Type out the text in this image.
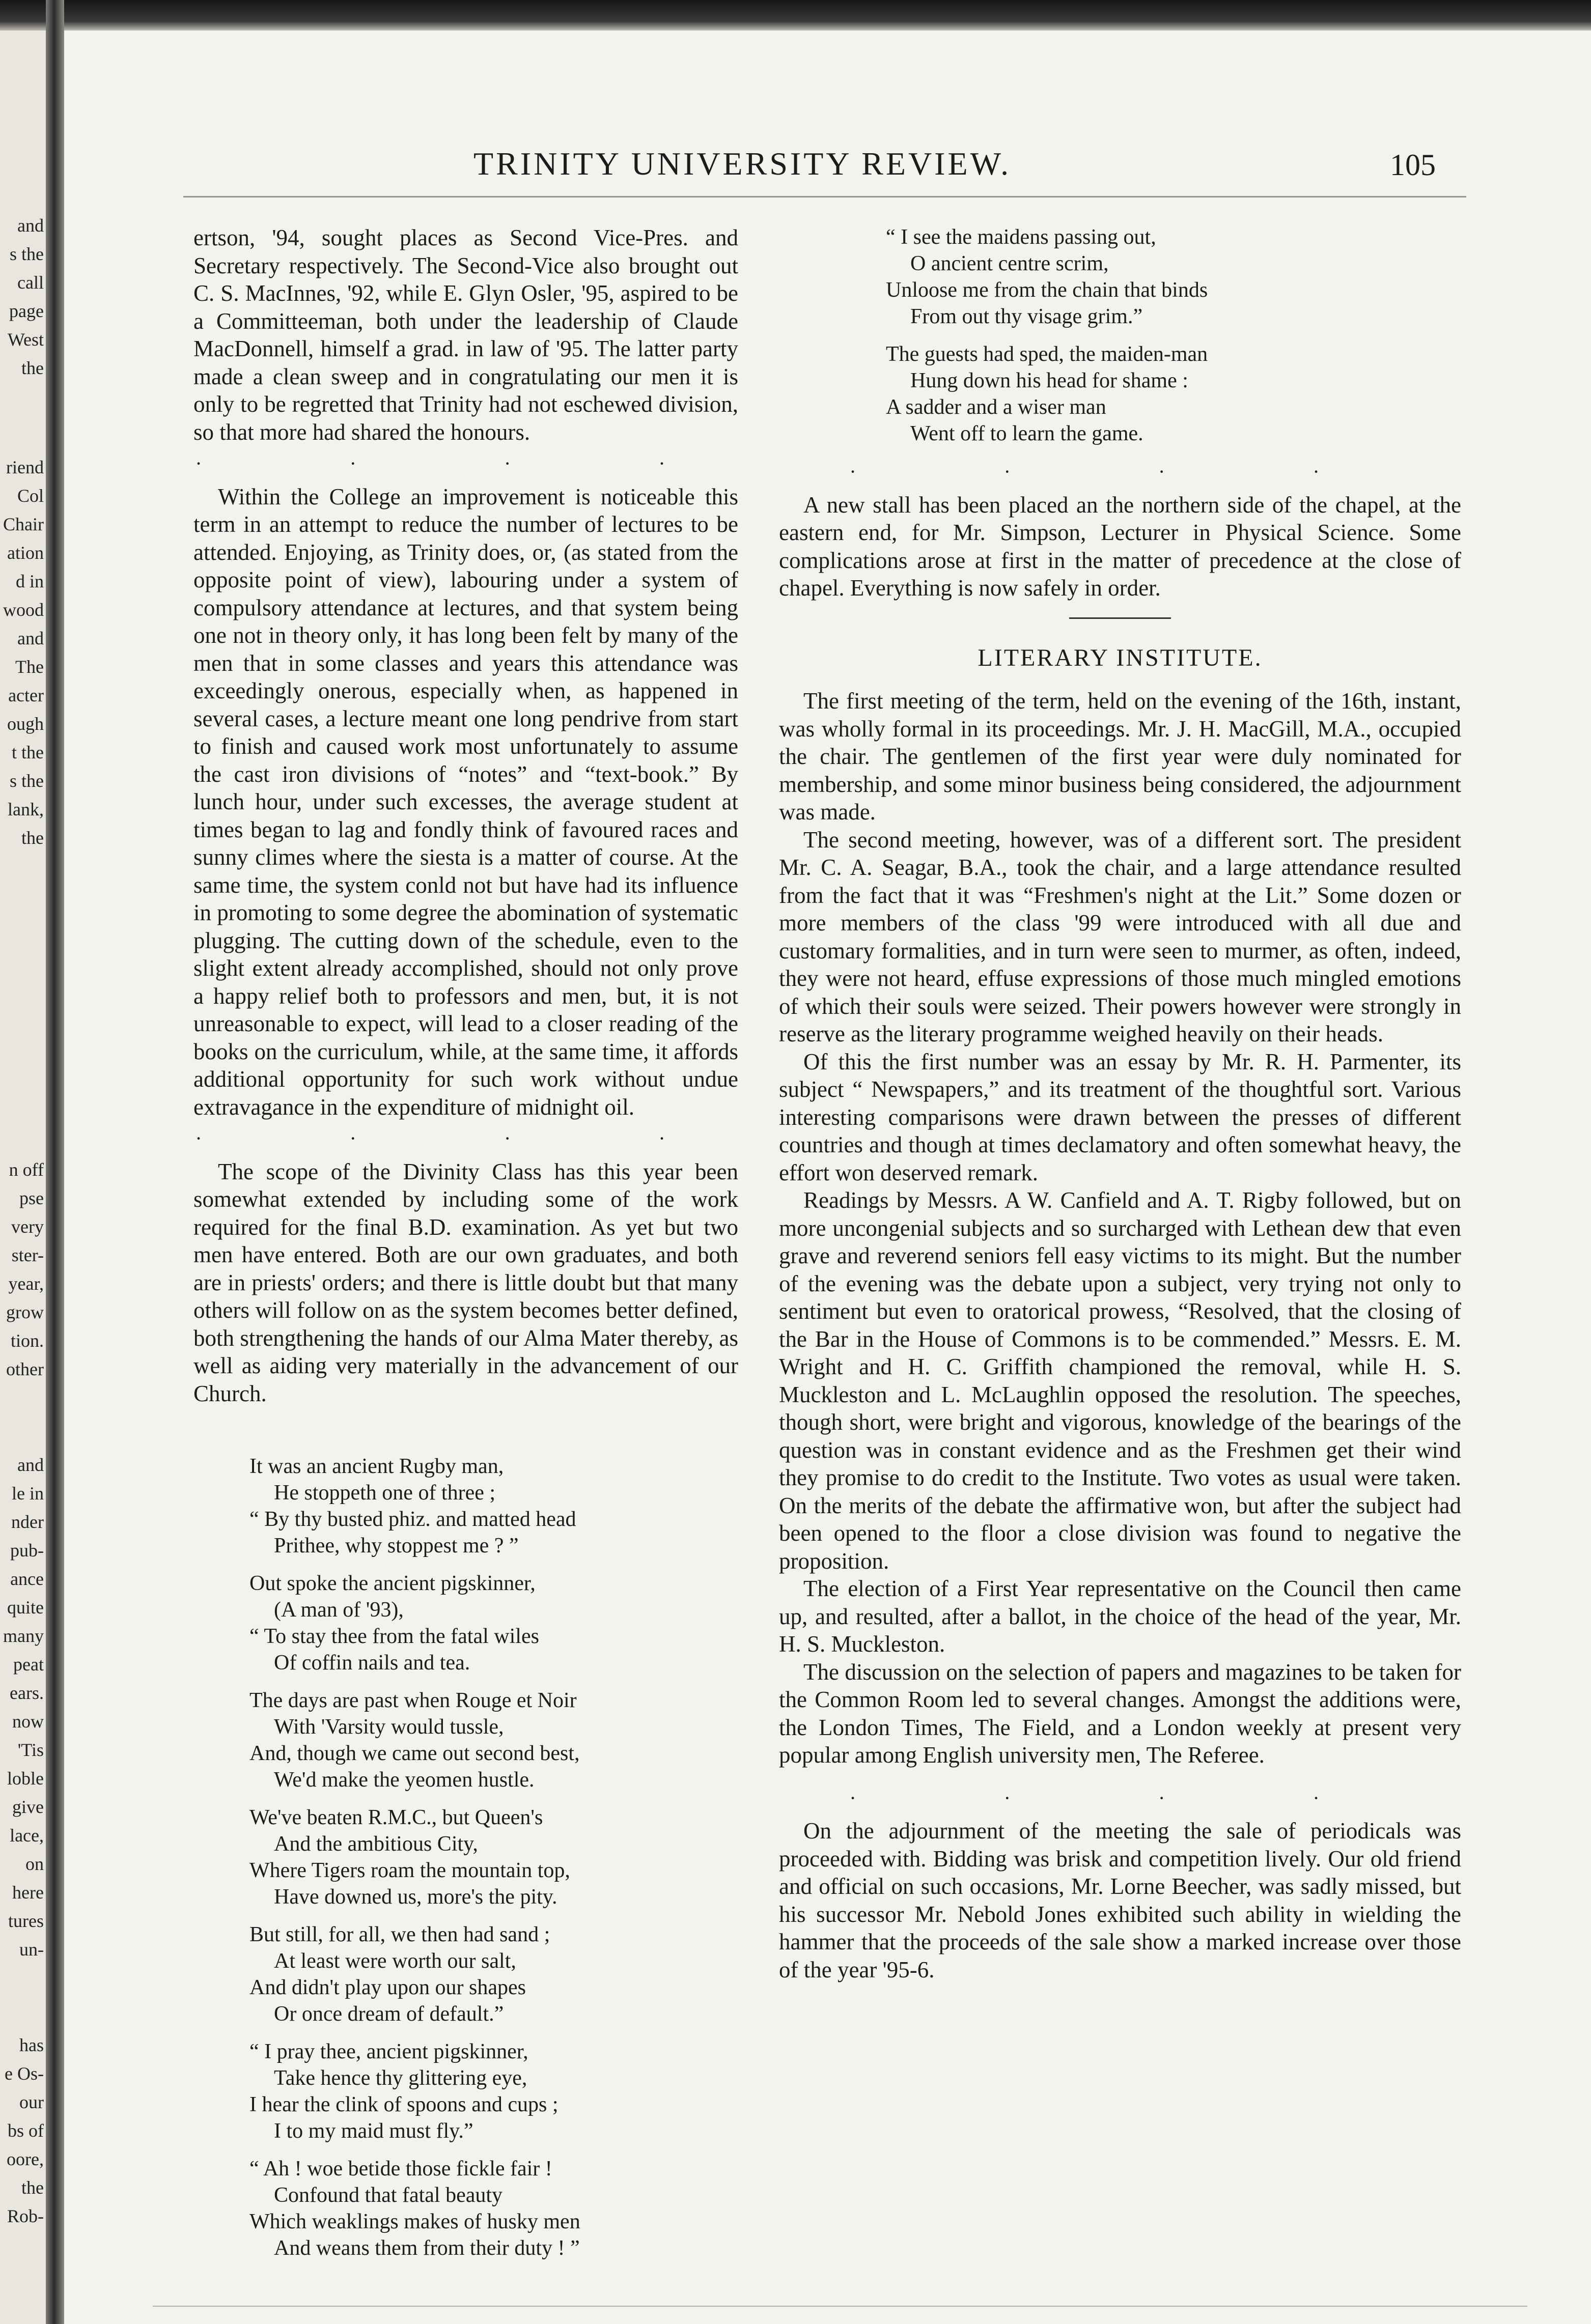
and
s the
call
page
West
the
riend
Col
Chair
ation
d in
wood
and
The
acter
ough
t the
s the
lank,
the
n off
pse
very
ster-
year,
grow
tion.
other
and
le in
nder
pub-
ance
quite
many
peat
ears.
now
'Tis
loble
give
lace,
on
here
tures
un-
has
e Os-
our
bs of
oore,
the
Rob-
TRINITY UNIVERSITY REVIEW.	105

ertson, '94, sought places as Second Vice-Pres. and Secretary respectively. The Second-Vice also brought out C. S. MacInnes, '92, while E. Glyn Osler, '95, aspired to be a Committeeman, both under the leadership of Claude MacDonnell, himself a grad. in law of '95. The latter party made a clean sweep and in congratulating our men it is only to be regretted that Trinity had not eschewed division, so that more had shared the honours.

· · · ·

Within the College an improvement is noticeable this term in an attempt to reduce the number of lectures to be attended. Enjoying, as Trinity does, or, (as stated from the opposite point of view), labouring under a system of compulsory attendance at lectures, and that system being one not in theory only, it has long been felt by many of the men that in some classes and years this attendance was exceedingly onerous, especially when, as happened in several cases, a lecture meant one long pendrive from start to finish and caused work most unfortunately to assume the cast iron divisions of “notes” and “text-book.” By lunch hour, under such excesses, the average student at times began to lag and fondly think of favoured races and sunny climes where the siesta is a matter of course. At the same time, the system conld not but have had its influence in promoting to some degree the abomination of systematic plugging. The cutting down of the schedule, even to the slight extent already accomplished, should not only prove a happy relief both to professors and men, but, it is not unreasonable to expect, will lead to a closer reading of the books on the curriculum, while, at the same time, it affords additional opportunity for such work without undue extravagance in the expenditure of midnight oil.

· · · ·

The scope of the Divinity Class has this year been somewhat extended by including some of the work required for the final B.D. examination. As yet but two men have entered. Both are our own graduates, and both are in priests' orders; and there is little doubt but that many others will follow on as the system becomes better defined, both strengthening the hands of our Alma Mater thereby, as well as aiding very materially in the advancement of our Church.

It was an ancient Rugby man,
He stoppeth one of three ;
“ By thy busted phiz. and matted head
Prithee, why stoppest me ? ”
Out spoke the ancient pigskinner,
(A man of '93),
“ To stay thee from the fatal wiles
Of coffin nails and tea.
The days are past when Rouge et Noir
With 'Varsity would tussle,
And, though we came out second best,
We'd make the yeomen hustle.
We've beaten R.M.C., but Queen's
And the ambitious City,
Where Tigers roam the mountain top,
Have downed us, more's the pity.
But still, for all, we then had sand ;
At least were worth our salt,
And didn't play upon our shapes
Or once dream of default.”
“ I pray thee, ancient pigskinner,
Take hence thy glittering eye,
I hear the clink of spoons and cups ;
I to my maid must fly.”
“ Ah ! woe betide those fickle fair !
Confound that fatal beauty
Which weaklings makes of husky men
And weans them from their duty ! ”
“ I see the maidens passing out,
O ancient centre scrim,
Unloose me from the chain that binds
From out thy visage grim.”
The guests had sped, the maiden-man
Hung down his head for shame :
A sadder and a wiser man
Went off to learn the game.
· · · ·

A new stall has been placed an the northern side of the chapel, at the eastern end, for Mr. Simpson, Lecturer in Physical Science. Some complications arose at first in the matter of precedence at the close of chapel. Everything is now safely in order.

LITERARY INSTITUTE.

The first meeting of the term, held on the evening of the 16th, instant, was wholly formal in its proceedings. Mr. J. H. MacGill, M.A., occupied the chair. The gentlemen of the first year were duly nominated for membership, and some minor business being considered, the adjournment was made.

The second meeting, however, was of a different sort. The president Mr. C. A. Seagar, B.A., took the chair, and a large attendance resulted from the fact that it was “Freshmen's night at the Lit.” Some dozen or more members of the class '99 were introduced with all due and customary formalities, and in turn were seen to murmer, as often, indeed, they were not heard, effuse expressions of those much mingled emotions of which their souls were seized. Their powers however were strongly in reserve as the literary programme weighed heavily on their heads.

Of this the first number was an essay by Mr. R. H. Parmenter, its subject “ Newspapers,” and its treatment of the thoughtful sort. Various interesting comparisons were drawn between the presses of different countries and though at times declamatory and often somewhat heavy, the effort won deserved remark.

Readings by Messrs. A W. Canfield and A. T. Rigby followed, but on more uncongenial subjects and so surcharged with Lethean dew that even grave and reverend seniors fell easy victims to its might. But the number of the evening was the debate upon a subject, very trying not only to sentiment but even to oratorical prowess, “Resolved, that the closing of the Bar in the House of Commons is to be commended.” Messrs. E. M. Wright and H. C. Griffith championed the removal, while H. S. Muckleston and L. McLaughlin opposed the resolution. The speeches, though short, were bright and vigorous, knowledge of the bearings of the question was in constant evidence and as the Freshmen get their wind they promise to do credit to the Institute. Two votes as usual were taken. On the merits of the debate the affirmative won, but after the subject had been opened to the floor a close division was found to negative the proposition.

The election of a First Year representative on the Council then came up, and resulted, after a ballot, in the choice of the head of the year, Mr. H. S. Muckleston.

The discussion on the selection of papers and magazines to be taken for the Common Room led to several changes. Amongst the additions were, the London Times, The Field, and a London weekly at present very popular among English university men, The Referee.

· · · ·

On the adjournment of the meeting the sale of periodicals was proceeded with. Bidding was brisk and competition lively. Our old friend and official on such occasions, Mr. Lorne Beecher, was sadly missed, but his successor Mr. Nebold Jones exhibited such ability in wielding the hammer that the proceeds of the sale show a marked increase over those of the year '95-6.
